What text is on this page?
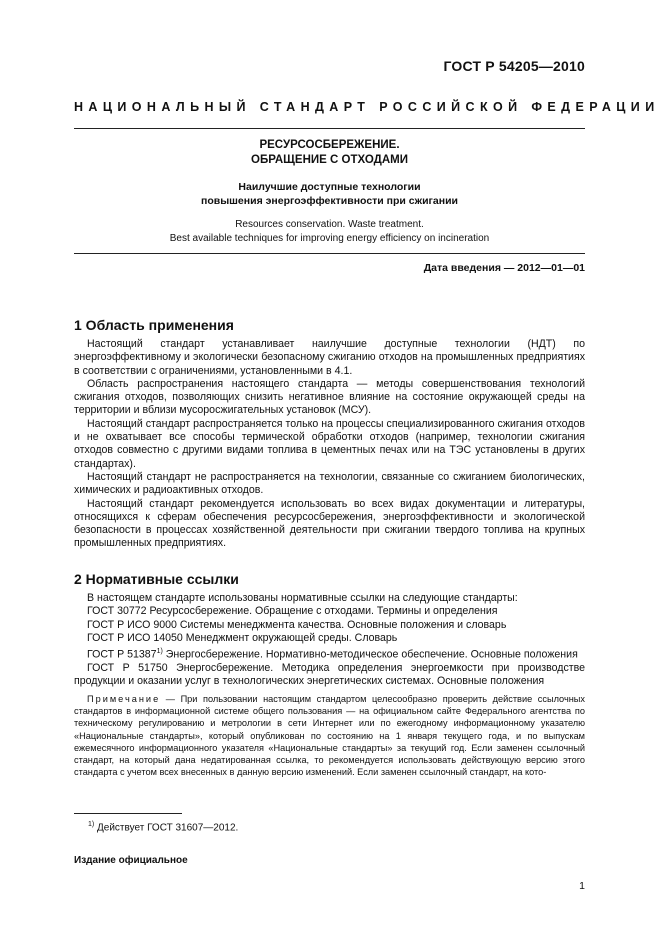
ГОСТ Р 54205—2010
НАЦИОНАЛЬНЫЙ СТАНДАРТ РОССИЙСКОЙ ФЕДЕРАЦИИ
РЕСУРСОСБЕРЕЖЕНИЕ.
ОБРАЩЕНИЕ С ОТХОДАМИ
Наилучшие доступные технологии
повышения энергоэффективности при сжигании
Resources conservation. Waste treatment.
Best available techniques for improving energy efficiency on incineration
Дата введения — 2012—01—01
1 Область применения

Настоящий стандарт устанавливает наилучшие доступные технологии (НДТ) по энергоэффективному и экологически безопасному сжиганию отходов на промышленных предприятиях в соответствии с ограничениями, установленными в 4.1.

Область распространения настоящего стандарта — методы совершенствования технологий сжигания отходов, позволяющих снизить негативное влияние на состояние окружающей среды на территории и вблизи мусоросжигательных установок (МСУ).

Настоящий стандарт распространяется только на процессы специализированного сжигания отходов и не охватывает все способы термической обработки отходов (например, технологии сжигания отходов совместно с другими видами топлива в цементных печах или на ТЭС установлены в других стандартах).

Настоящий стандарт не распространяется на технологии, связанные со сжиганием биологических, химических и радиоактивных отходов.

Настоящий стандарт рекомендуется использовать во всех видах документации и литературы, относящихся к сферам обеспечения ресурсосбережения, энергоэффективности и экологической безопасности в процессах хозяйственной деятельности при сжигании твердого топлива на крупных промышленных предприятиях.

2 Нормативные ссылки

В настоящем стандарте использованы нормативные ссылки на следующие стандарты:

ГОСТ 30772 Ресурсосбережение. Обращение с отходами. Термины и определения

ГОСТ Р ИСО 9000 Системы менеджмента качества. Основные положения и словарь

ГОСТ Р ИСО 14050 Менеджмент окружающей среды. Словарь

ГОСТ Р 51387$^{1)}$ Энергосбережение. Нормативно-методическое обеспечение. Основные положения

ГОСТ Р 51750 Энергосбережение. Методика определения энергоемкости при производстве продукции и оказании услуг в технологических энергетических системах. Основные положения

Примечание — При пользовании настоящим стандартом целесообразно проверить действие ссылочных стандартов в информационной системе общего пользования — на официальном сайте Федерального агентства по техническому регулированию и метрологии в сети Интернет или по ежегодному информационному указателю «Национальные стандарты», который опубликован по состоянию на 1 января текущего года, и по выпускам ежемесячного информационного указателя «Национальные стандарты» за текущий год. Если заменен ссылочный стандарт, на который дана недатированная ссылка, то рекомендуется использовать действующую версию этого стандарта с учетом всех внесенных в данную версию изменений. Если заменен ссылочный стандарт, на кото-

$^{1)}$ Действует ГОСТ 31607—2012.
Издание официальное
1
